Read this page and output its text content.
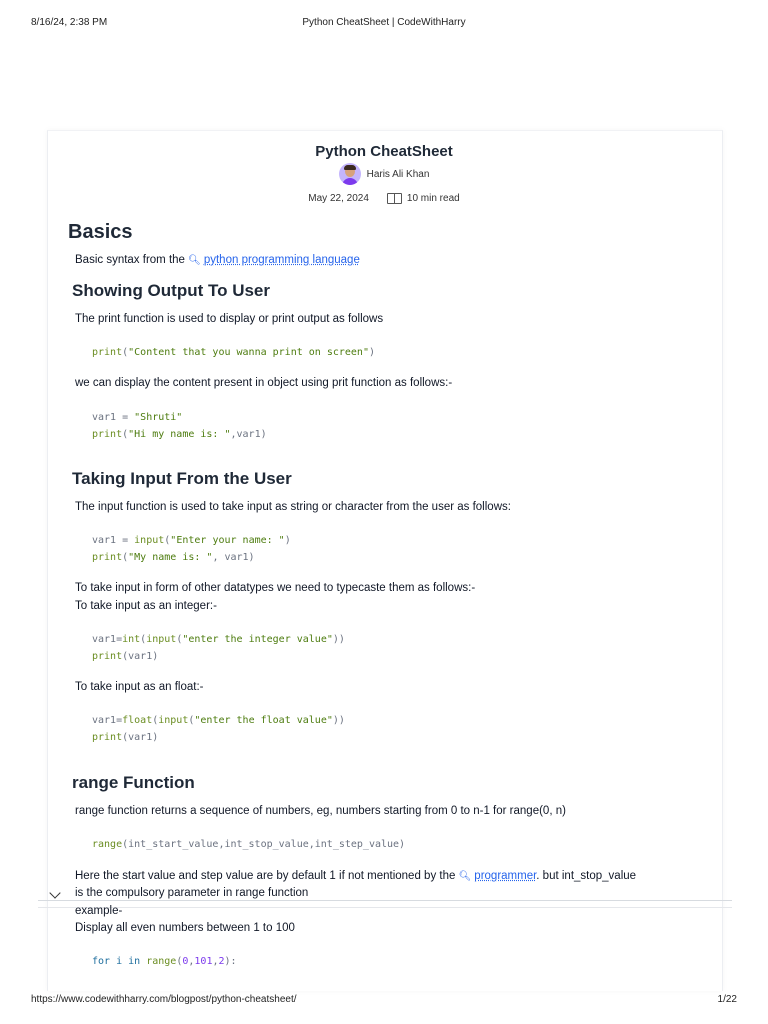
8/16/24, 2:38 PM	Python CheatSheet | CodeWithHarry
https://www.codewithharry.com/blogpost/python-cheatsheet/	1/22
Python CheatSheet
Haris Ali Khan
May 22, 2024	10 min read
Basics
Basic syntax from the 🔍︎ python programming language
Showing Output To User
The print function is used to display or print output as follows
print("Content that you wanna print on screen")
we can display the content present in object using prit function as follows:-
var1 = "Shruti"
print("Hi my name is: ",var1)
Taking Input From the User
The input function is used to take input as string or character from the user as follows:
var1 = input("Enter your name: ")
print("My name is: ", var1)
To take input in form of other datatypes we need to typecaste them as follows:-
To take input as an integer:-
var1=int(input("enter the integer value"))
print(var1)
To take input as an float:-
var1=float(input("enter the float value"))
print(var1)
range Function
range function returns a sequence of numbers, eg, numbers starting from 0 to n-1 for range(0, n)
range(int_start_value,int_stop_value,int_step_value)
Here the start value and step value are by default 1 if not mentioned by the 🔍︎ programmer. but int_stop_value
is the compulsory parameter in range function
example-
Display all even numbers between 1 to 100
for i in range(0,101,2):
